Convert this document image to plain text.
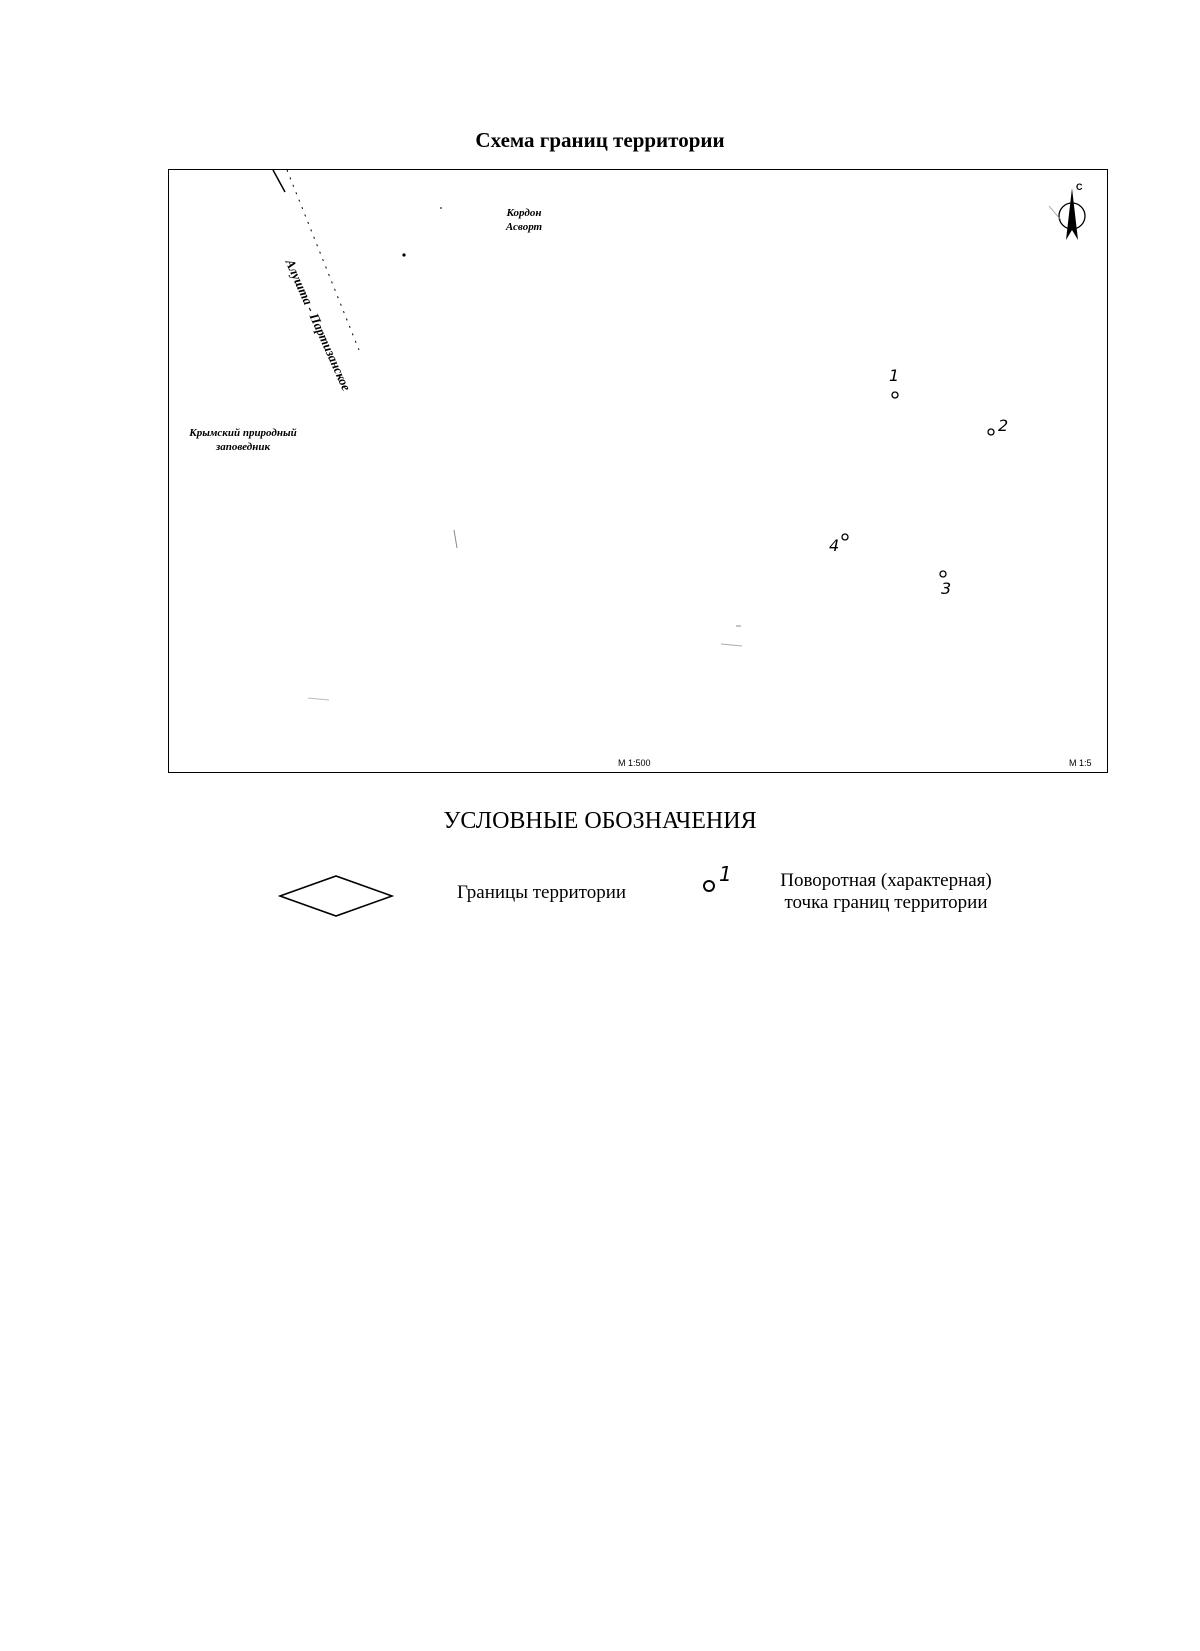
Схема границ территории
Кордон
Асворт
Крымский природный
заповедник
Алушта - Партизанское
С
1
2
3
4
М 1:500	М 1:5
УСЛОВНЫЕ ОБОЗНАЧЕНИЯ
Границы территории
1	Поворотная (характерная)
точка границ территории
